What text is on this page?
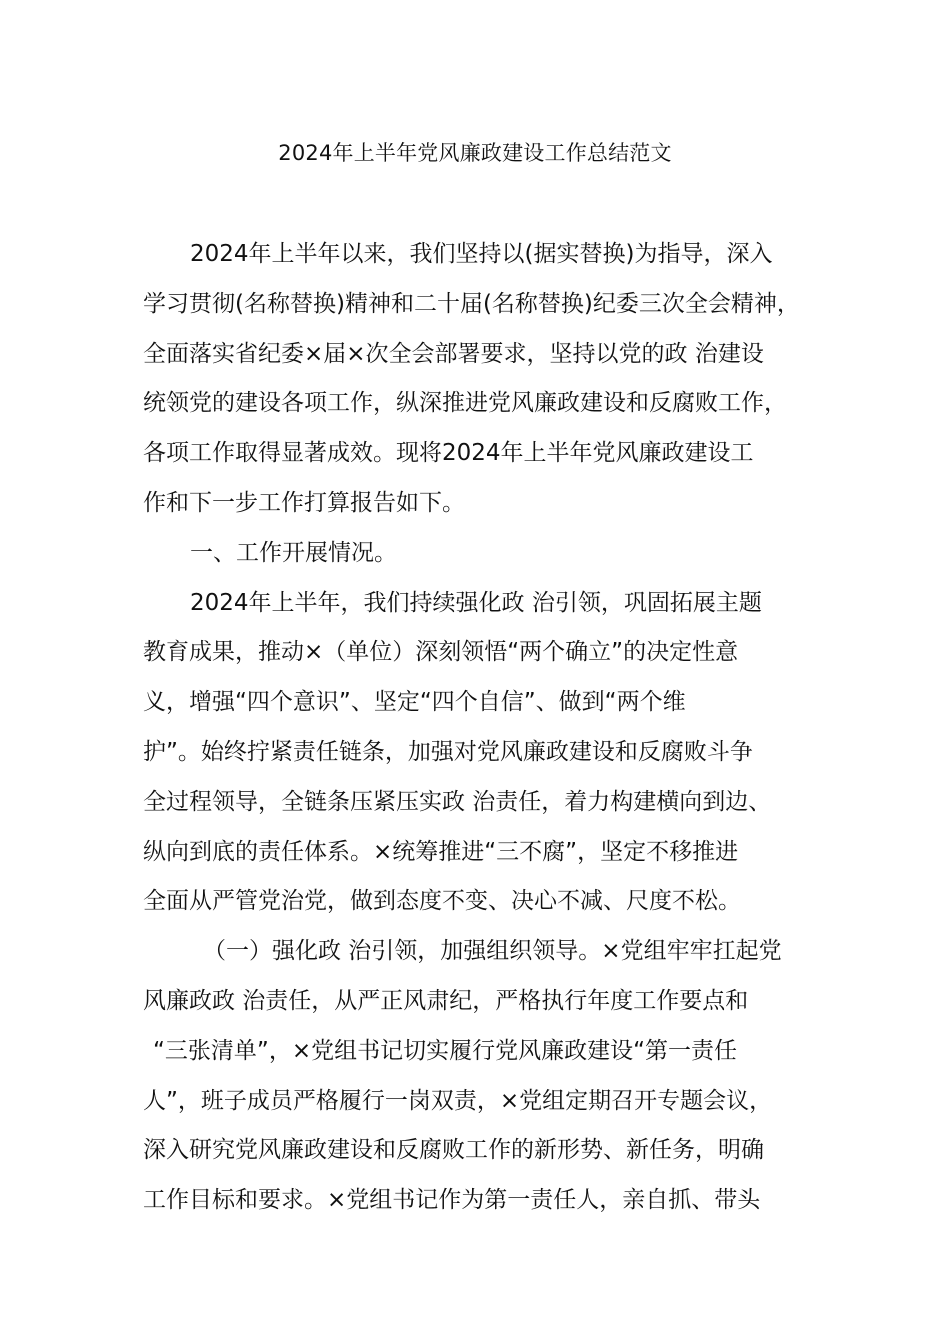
2024年上半年党风廉政建设工作总结范文
2024年上半年以来，我们坚持以(据实替换)为指导，深入
学习贯彻(名称替换)精神和二十届(名称替换)纪委三次全会精神，
全面落实省纪委×届×次全会部署要求，坚持以党的政 治建设
统领党的建设各项工作，纵深推进党风廉政建设和反腐败工作，
各项工作取得显著成效。现将2024年上半年党风廉政建设工
作和下一步工作打算报告如下。
一、工作开展情况。
2024年上半年，我们持续强化政 治引领，巩固拓展主题
教育成果，推动×（单位）深刻领悟“两个确立”的决定性意
义，增强“四个意识”、坚定“四个自信”、做到“两个维
护”。始终拧紧责任链条，加强对党风廉政建设和反腐败斗争
全过程领导，全链条压紧压实政 治责任，着力构建横向到边、
纵向到底的责任体系。×统筹推进“三不腐”，坚定不移推进
全面从严管党治党，做到态度不变、决心不减、尺度不松。
（一）强化政 治引领，加强组织领导。×党组牢牢扛起党
风廉政政 治责任，从严正风肃纪，严格执行年度工作要点和
“三张清单”，×党组书记切实履行党风廉政建设“第一责任
人”，班子成员严格履行一岗双责，×党组定期召开专题会议，
深入研究党风廉政建设和反腐败工作的新形势、新任务，明确
工作目标和要求。×党组书记作为第一责任人，亲自抓、带头
